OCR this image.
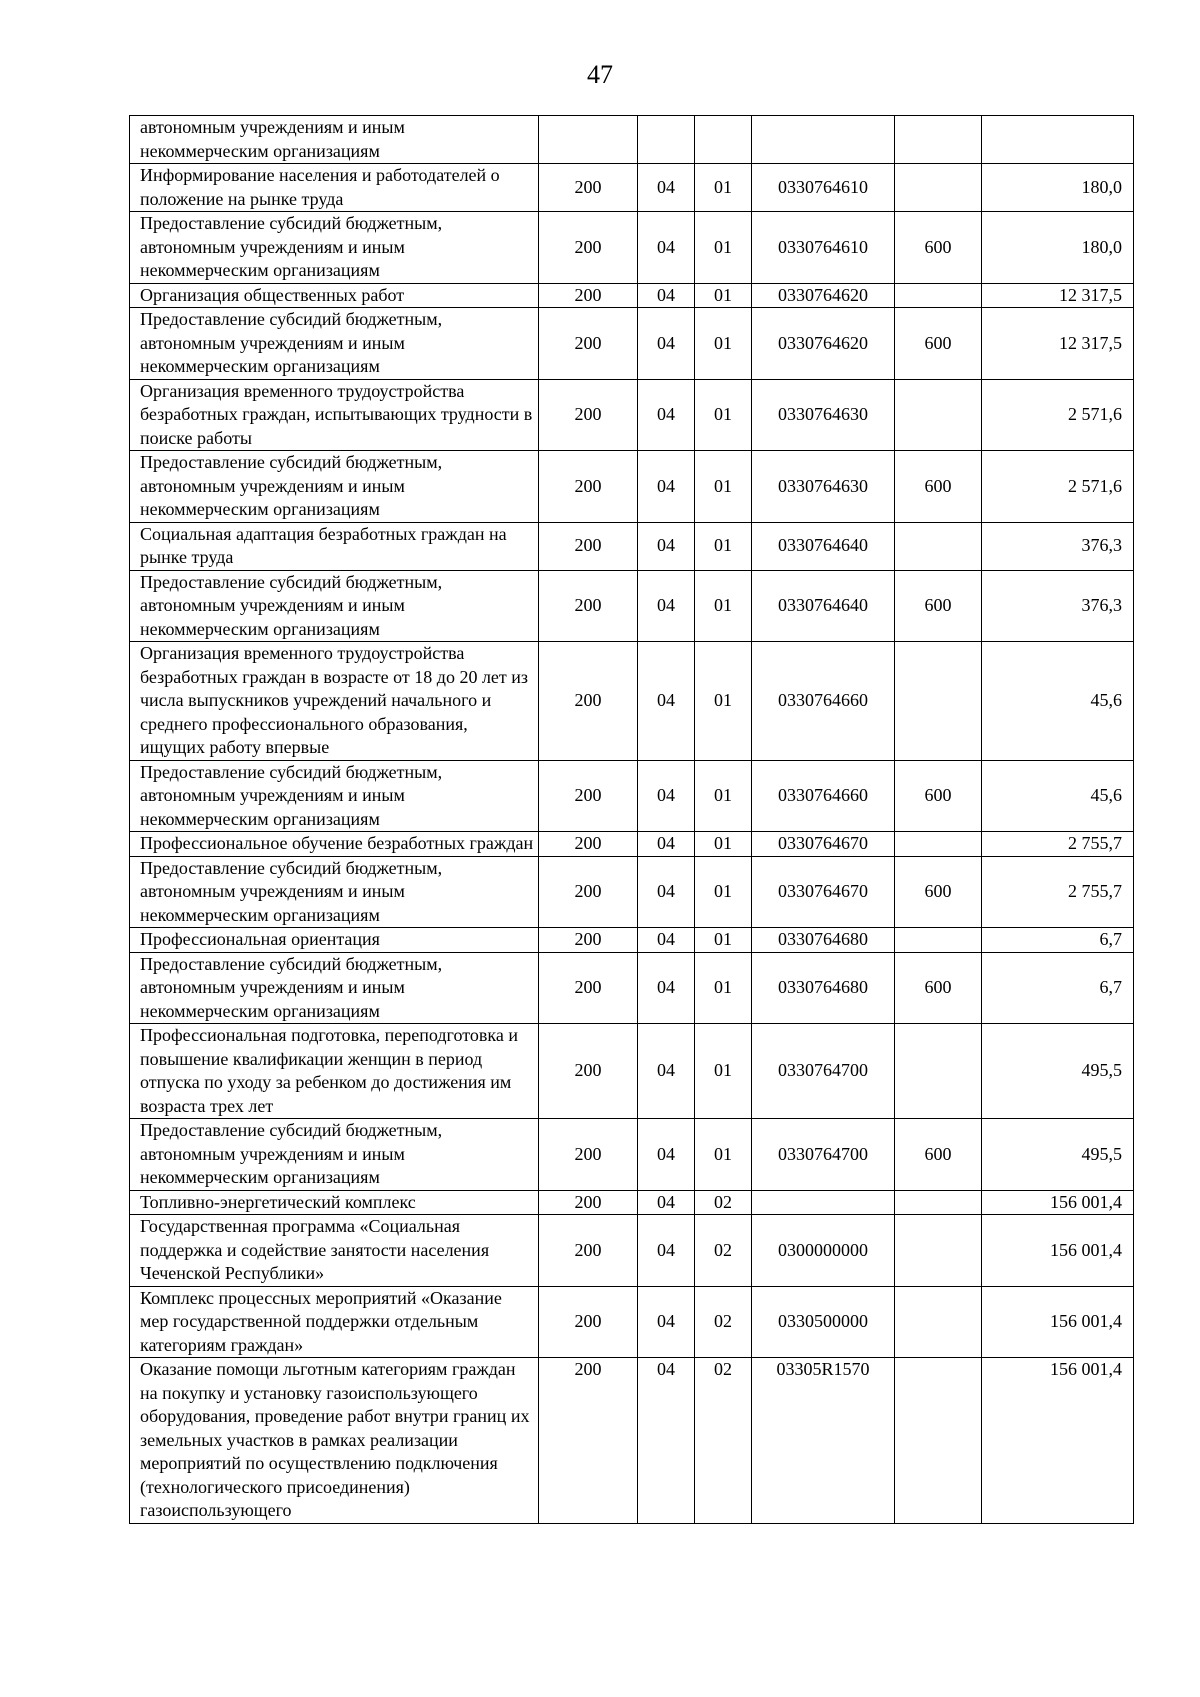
47
автономным учреждениям и иным некоммерческим организациям						
Информирование населения и работодателей о положение на рынке труда	200	04	01	0330764610		180,0
Предоставление субсидий бюджетным, автономным учреждениям и иным некоммерческим организациям	200	04	01	0330764610	600	180,0
Организация общественных работ	200	04	01	0330764620		12 317,5
Предоставление субсидий бюджетным, автономным учреждениям и иным некоммерческим организациям	200	04	01	0330764620	600	12 317,5
Организация временного трудоустройства безработных граждан, испытывающих трудности в поиске работы	200	04	01	0330764630		2 571,6
Предоставление субсидий бюджетным, автономным учреждениям и иным некоммерческим организациям	200	04	01	0330764630	600	2 571,6
Социальная адаптация безработных граждан на рынке труда	200	04	01	0330764640		376,3
Предоставление субсидий бюджетным, автономным учреждениям и иным некоммерческим организациям	200	04	01	0330764640	600	376,3
Организация временного трудоустройства безработных граждан в возрасте от 18 до 20 лет из числа выпускников учреждений начального и среднего профессионального образования, ищущих работу впервые	200	04	01	0330764660		45,6
Предоставление субсидий бюджетным, автономным учреждениям и иным некоммерческим организациям	200	04	01	0330764660	600	45,6
Профессиональное обучение безработных граждан	200	04	01	0330764670		2 755,7
Предоставление субсидий бюджетным, автономным учреждениям и иным некоммерческим организациям	200	04	01	0330764670	600	2 755,7
Профессиональная ориентация	200	04	01	0330764680		6,7
Предоставление субсидий бюджетным, автономным учреждениям и иным некоммерческим организациям	200	04	01	0330764680	600	6,7
Профессиональная подготовка, переподготовка и повышение квалификации женщин в период отпуска по уходу за ребенком до достижения им возраста трех лет	200	04	01	0330764700		495,5
Предоставление субсидий бюджетным, автономным учреждениям и иным некоммерческим организациям	200	04	01	0330764700	600	495,5
Топливно-энергетический комплекс	200	04	02			156 001,4
Государственная программа «Социальная поддержка и содействие занятости населения Чеченской Республики»	200	04	02	0300000000		156 001,4
Комплекс процессных мероприятий «Оказание мер государственной поддержки отдельным категориям граждан»	200	04	02	0330500000		156 001,4
Оказание помощи льготным категориям граждан на покупку и установку газоиспользующего оборудования, проведение работ внутри границ их земельных участков в рамках реализации мероприятий по осуществлению подключения (технологического присоединения) газоиспользующего	200	04	02	03305R1570		156 001,4
